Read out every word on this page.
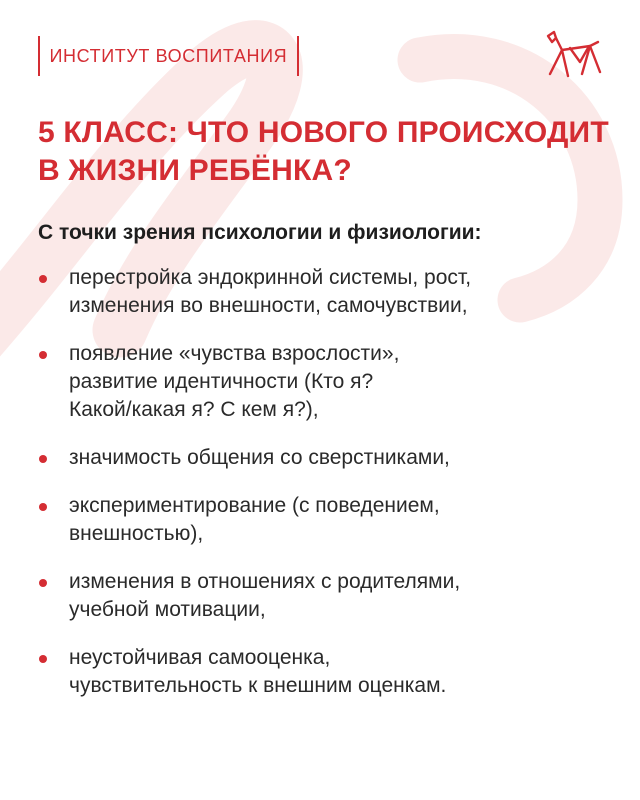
ИНСТИТУТ ВОСПИТАНИЯ
5 КЛАСС: ЧТО НОВОГО ПРОИСХОДИТ
В ЖИЗНИ РЕБЁНКА?
С точки зрения психологии и физиологии:
перестройка эндокринной системы, рост,
изменения во внешности, самочувствии,
появление «чувства взрослости»,
развитие идентичности (Кто я?
Какой/какая я? С кем я?),
значимость общения со сверстниками,
экспериментирование (с поведением,
внешностью),
изменения в отношениях с родителями,
учебной мотивации,
неустойчивая самооценка,
чувствительность к внешним оценкам.
